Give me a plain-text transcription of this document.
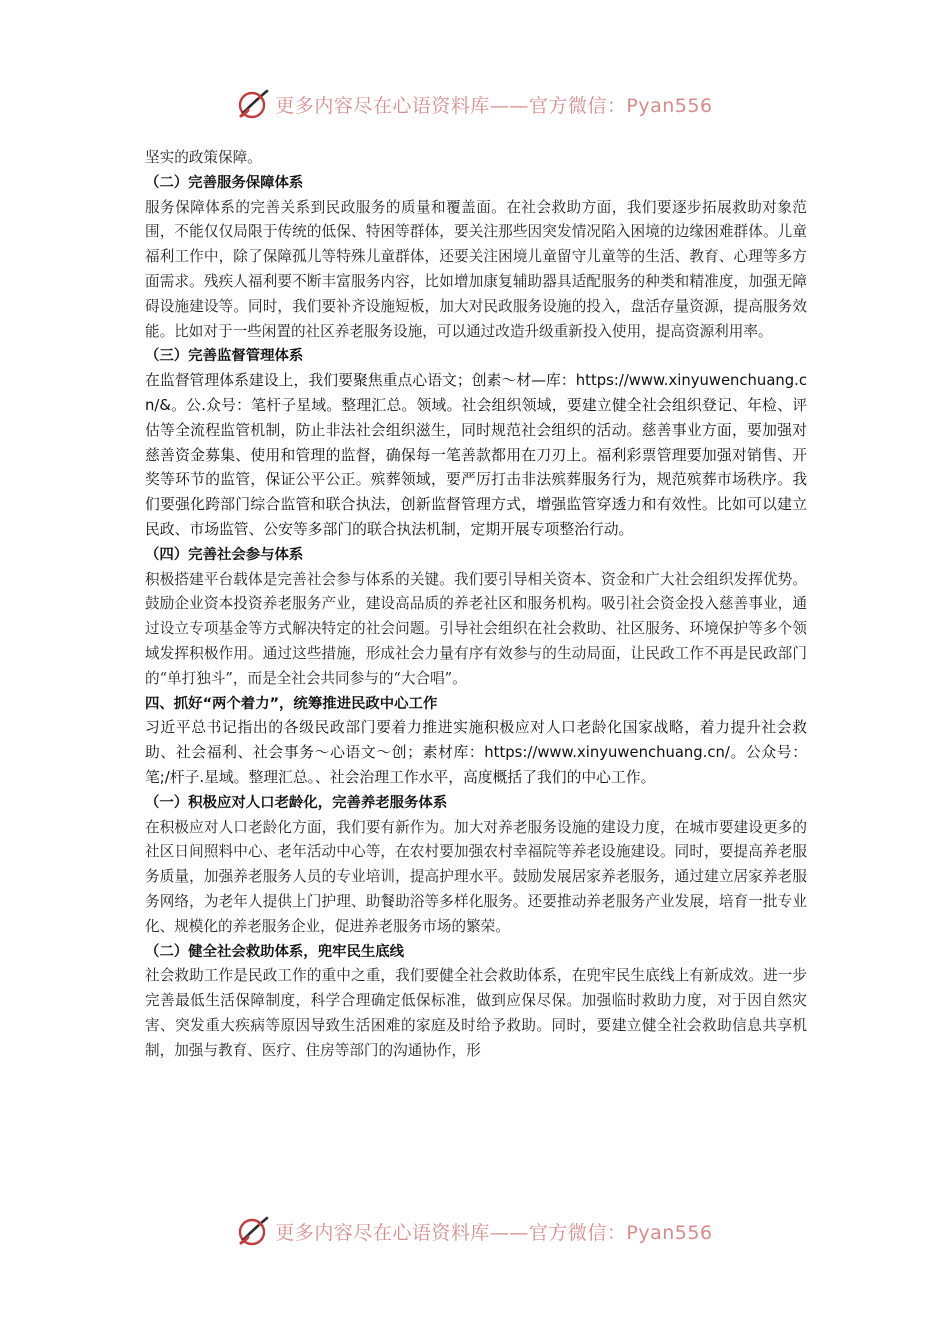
更多内容尽在心语资料库——官方微信：Pyan556

坚实的政策保障。

（二）完善服务保障体系

服务保障体系的完善关系到民政服务的质量和覆盖面。在社会救助方面，我们要逐步拓展救助对象范围，不能仅仅局限于传统的低保、特困等群体，要关注那些因突发情况陷入困境的边缘困难群体。儿童福利工作中，除了保障孤儿等特殊儿童群体，还要关注困境儿童留守儿童等的生活、教育、心理等多方面需求。残疾人福利要不断丰富服务内容，比如增加康复辅助器具适配服务的种类和精准度，加强无障碍设施建设等。同时，我们要补齐设施短板，加大对民政服务设施的投入，盘活存量资源，提高服务效能。比如对于一些闲置的社区养老服务设施，可以通过改造升级重新投入使用，提高资源利用率。

（三）完善监督管理体系

在监督管理体系建设上，我们要聚焦重点心语文；创素～材—库：https://www.xinyuwenchuang.cn/&。公.众号：笔杆子星域。整理汇总。领域。社会组织领域，要建立健全社会组织登记、年检、评估等全流程监管机制，防止非法社会组织滋生，同时规范社会组织的活动。慈善事业方面，要加强对慈善资金募集、使用和管理的监督，确保每一笔善款都用在刀刃上。福利彩票管理要加强对销售、开奖等环节的监管，保证公平公正。殡葬领域，要严厉打击非法殡葬服务行为，规范殡葬市场秩序。我们要强化跨部门综合监管和联合执法，创新监督管理方式，增强监管穿透力和有效性。比如可以建立民政、市场监管、公安等多部门的联合执法机制，定期开展专项整治行动。

（四）完善社会参与体系

积极搭建平台载体是完善社会参与体系的关键。我们要引导相关资本、资金和广大社会组织发挥优势。鼓励企业资本投资养老服务产业，建设高品质的养老社区和服务机构。吸引社会资金投入慈善事业，通过设立专项基金等方式解决特定的社会问题。引导社会组织在社会救助、社区服务、环境保护等多个领域发挥积极作用。通过这些措施，形成社会力量有序有效参与的生动局面，让民政工作不再是民政部门的“单打独斗”，而是全社会共同参与的“大合唱”。

四、抓好“两个着力”，统筹推进民政中心工作

习近平总书记指出的各级民政部门要着力推进实施积极应对人口老龄化国家战略，着力提升社会救助、社会福利、社会事务～心语文～创；素材库：https://www.xinyuwenchuang.cn/。公众号：笔;/杆子.星域。整理汇总。、社会治理工作水平，高度概括了我们的中心工作。

（一）积极应对人口老龄化，完善养老服务体系

在积极应对人口老龄化方面，我们要有新作为。加大对养老服务设施的建设力度，在城市要建设更多的社区日间照料中心、老年活动中心等，在农村要加强农村幸福院等养老设施建设。同时，要提高养老服务质量，加强养老服务人员的专业培训，提高护理水平。鼓励发展居家养老服务，通过建立居家养老服务网络，为老年人提供上门护理、助餐助浴等多样化服务。还要推动养老服务产业发展，培育一批专业化、规模化的养老服务企业，促进养老服务市场的繁荣。

（二）健全社会救助体系，兜牢民生底线

社会救助工作是民政工作的重中之重，我们要健全社会救助体系，在兜牢民生底线上有新成效。进一步完善最低生活保障制度，科学合理确定低保标准，做到应保尽保。加强临时救助力度，对于因自然灾害、突发重大疾病等原因导致生活困难的家庭及时给予救助。同时，要建立健全社会救助信息共享机制，加强与教育、医疗、住房等部门的沟通协作，形

更多内容尽在心语资料库——官方微信：Pyan556
